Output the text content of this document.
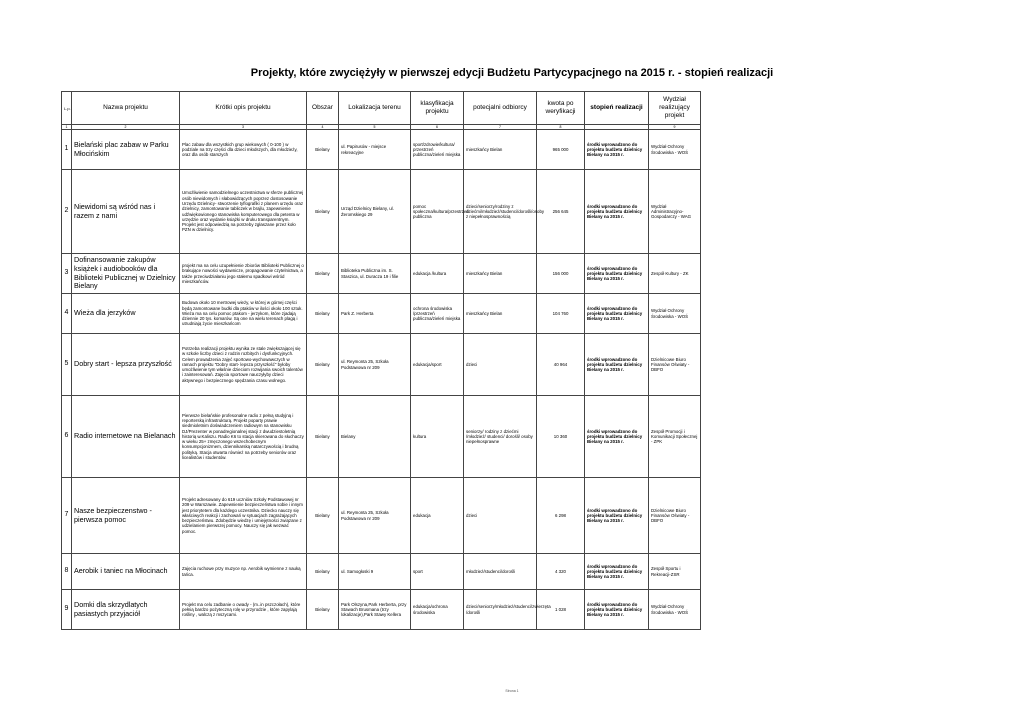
Projekty, które zwyciężyły w pierwszej edycji Budżetu Partycypacjnego na 2015 r. - stopień realizacji
L.p.	Nazwa projektu	Krótki opis projektu	Obszar	Lokalizacja terenu	klasyfikacja projektu	potecjalni odbiorcy	kwota po weryfikacji	stopień realizacji	Wydział realizujący projekt
1	2	3	4	5	6	7	8		9
1	Bielański plac zabaw w Parku Młocińskim	Plac zabaw dla wszystkich grup wiekowych ( 0-100 ) w podziale na trzy części dla dzieci młodszych, dla młodzieży, oraz dla osób starszych	Bielany	ul. Papirusów - miejsce rekreacyjne	sport/zdrowie/kultura/ przestrzeń publiczna/zieleń miejska	mieszkańcy Bielan	965 000	środki wprowadzono do projektu budżetu dzielnicy Bielany na 2015 r.	Wydział Ochrony Środowiska - WOŚ
2	Niewidomi są wśród nas i razem z nami	Umożliwienie samodzielnego uczestnictwa w sferze publicznej osób niewidomych i słabowidzących poprzez dostosowanie Urzędu Dzielnicy- stworzenie tyflografiki z planem urzędu oraz dzielnicy, zamontowanie tabliczek w brajlu, zapewnienie udźwiękowionego stanowiska komputerowego dla petenta w urzędzie oraz wydanie książki w druku transparentnym. Projekt jest odpowiedzią na potrzeby zgłaszane przez koło PZN w dzielnicy.	Bielany	Urząd Dzielnicy Bielany, ul. Żeromskiego 29	pomoc społeczna/kultura/przestrzeń publiczna	dzieci/seniorzy/rodziny z dziećmi/młodzież/studenci/dorośli/osoby z niepełnosprawnością	256 645	środki wprowadzono do projektu budżetu dzielnicy Bielany na 2015 r.	Wydział Administracyjno-Gospodarczy - WAG
3	Dofinansowanie zakupów książek i audiobooków dla Biblioteki Publicznej w Dzielnicy Bielany	projekt ma na celu uzupełnienie zbiorów Biblioteki Publicznej o brakujące nowości wydawnicze, propagowanie czytelnictwa, a także przeciwdziałaniu jego stałemu spadkowi wśród mieszkańców.	Bielany	Biblioteka Publiczna im. S. Staszica, ul. Duracza 19 i filie	edukacja /kultura	mieszkańcy Bielan	156 000	środki wprowadzono do projektu budżetu dzielnicy Bielany na 2015 r.	Zespół Kultury - ZK
4	Wieża dla jerzyków	Budowa około 10 mertrowej wieży, w której w górnej części będą zamontowane budki dla ptaków w ilości około 100 sztuk. Wieża ma na celu pomoc ptakom - jerzykom, które zjadają dziennie 20 tys. komarów. Są one na wielu terenach plagą i utrudniają życie mieszkańcom	Bielany	Park Z. Herberta	ochrona środowiska /przestrzeń publiczna/zieleń miejska	mieszkańcy Bielan	104 760	środki wprowadzono do projektu budżetu dzielnicy Bielany na 2015 r.	Wydział Ochrony Środowiska - WOŚ
5	Dobry start - lepsza przyszłość	Potrzeba realizacji projektu wynika ze stale zwiększającej się w szkole liczby dzieci z rodzin rozbitych i dysfunkcyjnych. Celem prowadzenia zajęć sportowo-wychowawczych w ramach projektu "Dobry start- lepsza przyszłość" byłoby umożliwienie tym właśnie dzieciom rozwijania swoich talentów i zainteresowań. Zajęcia sportowe nauczyłyby dzieci aktywnego i bezpiecznego spędzania czasu wolnego.	Bielany	ul. Reymonta 25, Szkoła Podstawowa nr 209	edukacja/sport	dzieci	40 964	środki wprowadzono do projektu budżetu dzielnicy Bielany na 2015 r.	Dzielnicowe Biuro Finansów Oświaty - DBFO
6	Radio internetowe na Bielanach	Pierwsze bielańskie profesonalne radio z pełną studyjną i reporterską infrastrukturą. Projekt poparty prawie siedmioletnim doświadczeniem radiowym na stanowisku DJ/Prezenter w ponadregionalnej stacji z dwudziestoletnią historią w.Kaliszu. Radio K6 to stacja skierowana do słuchaczy w wieku 25+ zmęczonego wszechobecnym konsumpcjonizmem, dziennikarską natarczywością i brudną polityką. Stacja otwarta również na potrzeby seniorów oraz licealistów i studentów.	Bielany	Bielany	kultura	seniorzy/ rodziny z dziećmi /młodzież/ studenci/ dorośli/ osoby niepełnosprawne	10 360	środki wprowadzono do projektu budżetu dzielnicy Bielany na 2015 r.	Zespół Promocji i Komunikacji Społecznej - ZPK
7	Nasze bezpieczenstwo - pierwsza pomoc	Projekt adresowany do 619 uczniów Szkoły Podstawowej nr 209 w Warszawie. Zapewnienie bezpieczeństwa sobie i innym jest priorytetem dla każdego uczestnika. Dziecko nauczy się właściwych reakcji i zachowań w sytuacjach zagrażających bezpieczeństwu. Zdobędzie wiedzę i umiejętności związane z udzielaniem pierwszej pomocy. Nauczy się jak wezwać pomoc.	Bielany	ul. Reymonta 25, Szkoła Podstawowa nr 209	edukacja	dzieci	6 298	środki wprowadzono do projektu budżetu dzielnicy Bielany na 2015 r.	Dzielnicowe Biuro Finansów Oświaty - DBFO
8	Aerobik i taniec na Młocinach	Zajęcia ruchowe przy muzyce np. Aerobik wymienne z nauką tańca.	Bielany	ul. Samogłoski 9	sport	młodzież/studenci/dorośli	4 320	środki wprowadzono do projektu budżetu dzielnicy Bielany na 2015 r.	Zespół Sportu i Rekreacji-ZSR
9	Domki dla skrzydlatych pasiastych przyjaciół	Projekt ma celu zadbanie o owady - (m..in pszczołach), które pełnią bardzo pożyteczną rolę w przyrodzie , które zapylają rośliny , walczą z mszycami.	Bielany	Park Olszyna,Park Herberta, przy Stawach Brusmana (trzy lokalizacje),Park Stawy Kellera	edukacja/ochrona środowiska	dzieci/seniorzy/młodzież/studenci/zwierzęta /dorośli	1 028	środki wprowadzono do projektu budżetu dzielnicy Bielany na 2015 r.	Wydział Ochrony Środowiska - WOŚ
Strona 1
